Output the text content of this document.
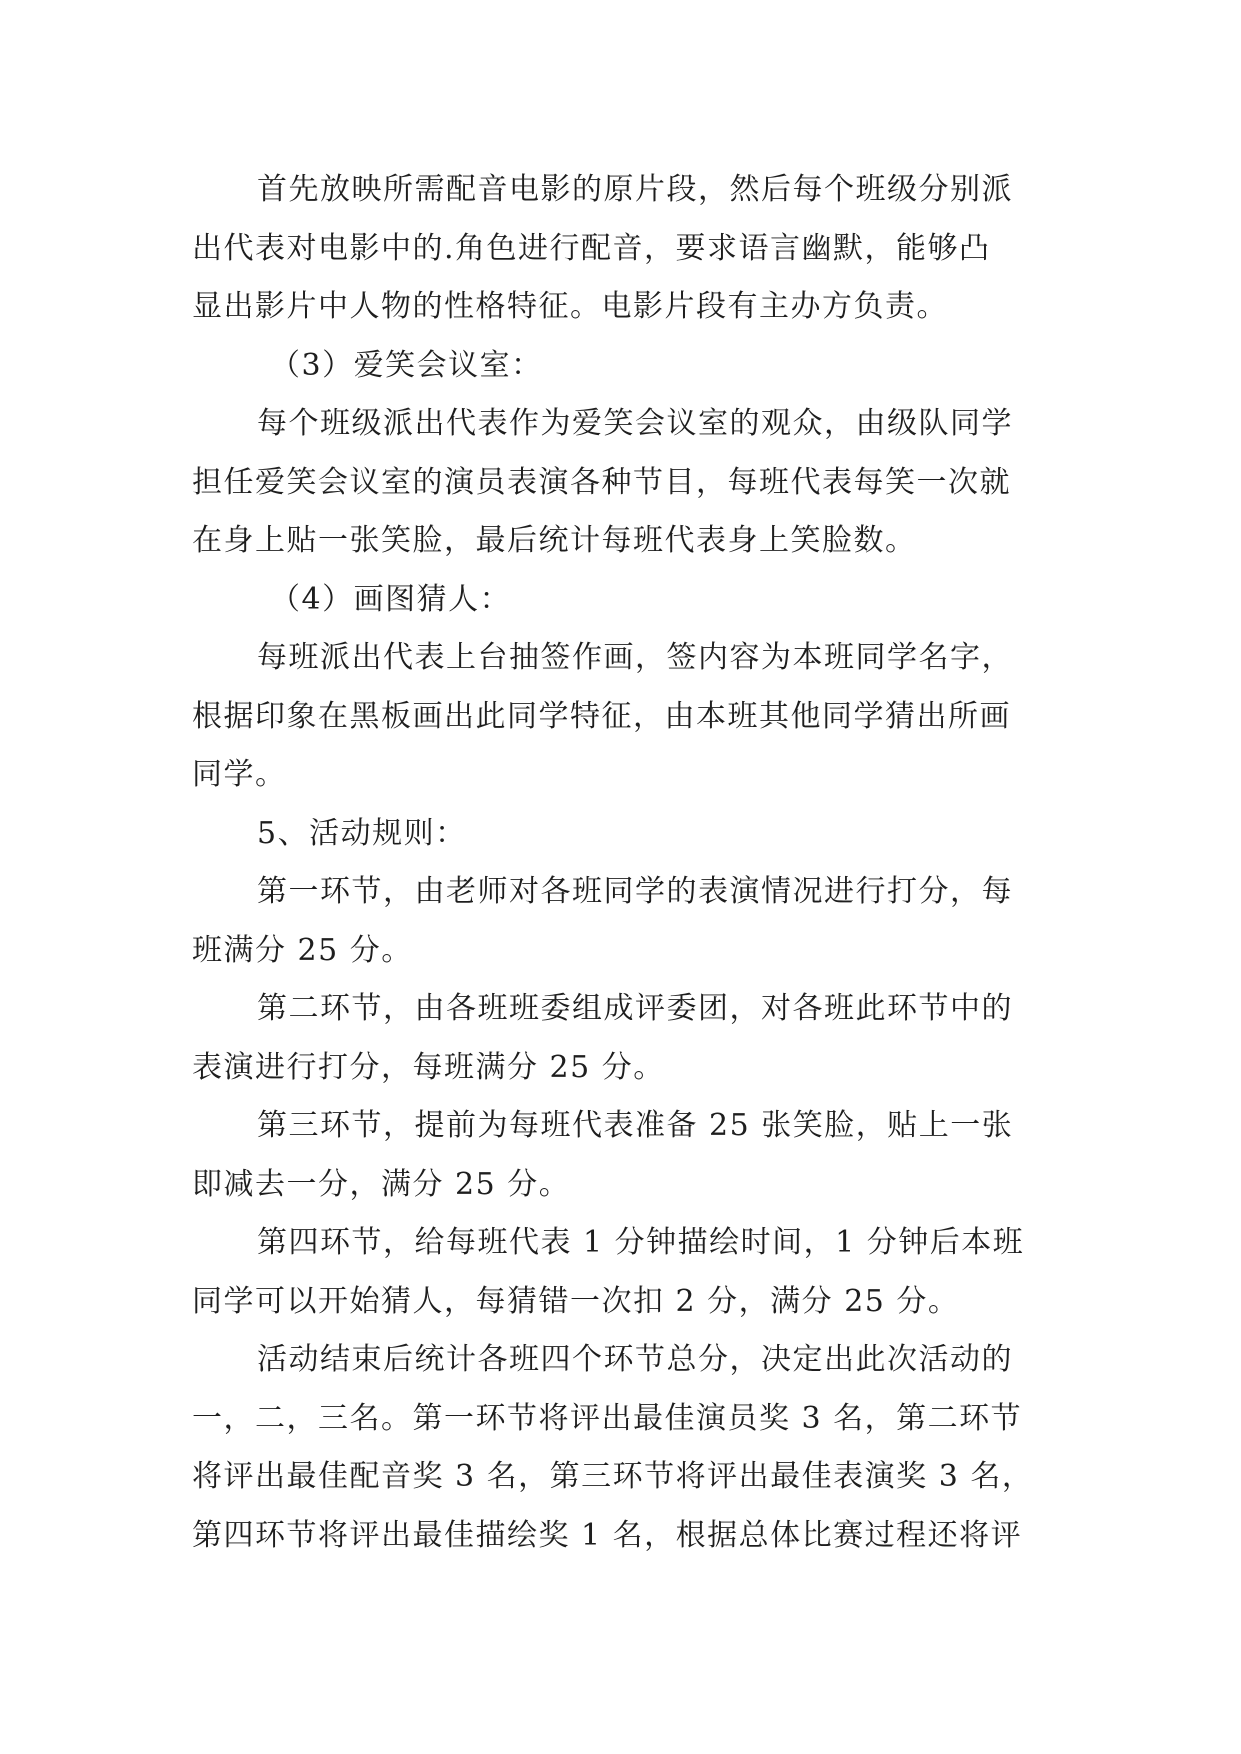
首先放映所需配音电影的原片段，然后每个班级分别派
出代表对电影中的.角色进行配音，要求语言幽默，能够凸
显出影片中人物的性格特征。电影片段有主办方负责。
（3）爱笑会议室：
每个班级派出代表作为爱笑会议室的观众，由级队同学
担任爱笑会议室的演员表演各种节目，每班代表每笑一次就
在身上贴一张笑脸，最后统计每班代表身上笑脸数。
（4）画图猜人：
每班派出代表上台抽签作画，签内容为本班同学名字，
根据印象在黑板画出此同学特征，由本班其他同学猜出所画
同学。
5、活动规则：
第一环节，由老师对各班同学的表演情况进行打分，每
班满分 25 分。
第二环节，由各班班委组成评委团，对各班此环节中的
表演进行打分，每班满分 25 分。
第三环节，提前为每班代表准备 25 张笑脸，贴上一张
即减去一分，满分 25 分。
第四环节，给每班代表 1 分钟描绘时间，1 分钟后本班
同学可以开始猜人，每猜错一次扣 2 分，满分 25 分。
活动结束后统计各班四个环节总分，决定出此次活动的
一，二，三名。第一环节将评出最佳演员奖 3 名，第二环节
将评出最佳配音奖 3 名，第三环节将评出最佳表演奖 3 名，
第四环节将评出最佳描绘奖 1 名，根据总体比赛过程还将评
